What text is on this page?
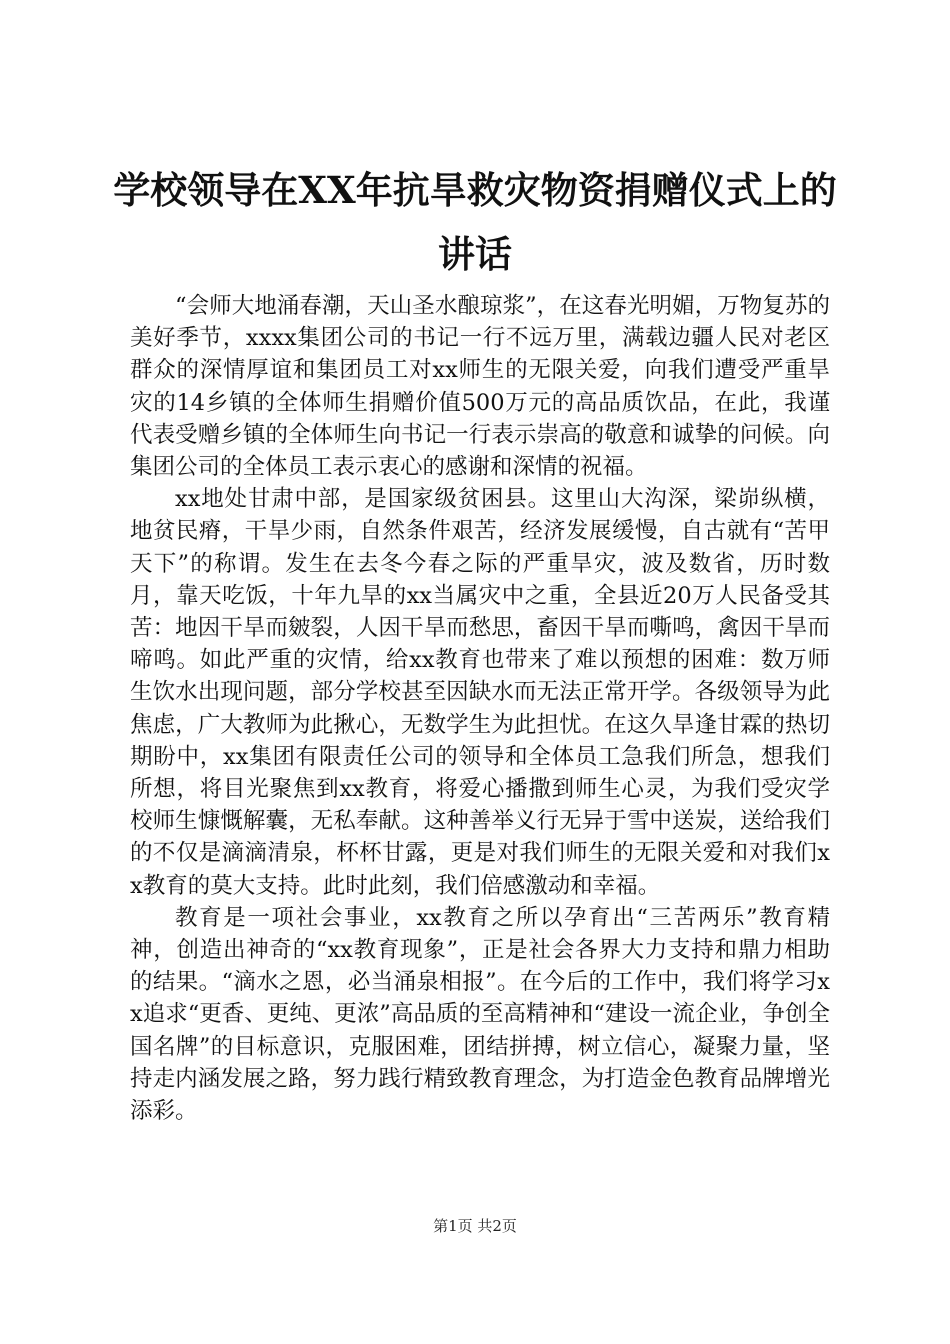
学校领导在XX年抗旱救灾物资捐赠仪式上的
讲话

“会师大地涌春潮，天山圣水酿琼浆”，在这春光明媚，万物复苏的美好季节，xxxx集团公司的书记一行不远万里，满载边疆人民对老区群众的深情厚谊和集团员工对xx师生的无限关爱，向我们遭受严重旱灾的14乡镇的全体师生捐赠价值500万元的高品质饮品，在此，我谨代表受赠乡镇的全体师生向书记一行表示崇高的敬意和诚挚的问候。向集团公司的全体员工表示衷心的感谢和深情的祝福。

xx地处甘肃中部，是国家级贫困县。这里山大沟深，梁峁纵横，地贫民瘠，干旱少雨，自然条件艰苦，经济发展缓慢，自古就有“苦甲天下”的称谓。发生在去冬今春之际的严重旱灾，波及数省，历时数月，靠天吃饭，十年九旱的xx当属灾中之重，全县近20万人民备受其苦：地因干旱而皴裂，人因干旱而愁思，畜因干旱而嘶鸣，禽因干旱而啼鸣。如此严重的灾情，给xx教育也带来了难以预想的困难：数万师生饮水出现问题，部分学校甚至因缺水而无法正常开学。各级领导为此焦虑，广大教师为此揪心，无数学生为此担忧。在这久旱逢甘霖的热切期盼中，xx集团有限责任公司的领导和全体员工急我们所急，想我们所想，将目光聚焦到xx教育，将爱心播撒到师生心灵，为我们受灾学校师生慷慨解囊，无私奉献。这种善举义行无异于雪中送炭，送给我们的不仅是滴滴清泉，杯杯甘露，更是对我们师生的无限关爱和对我们xx教育的莫大支持。此时此刻，我们倍感激动和幸福。

教育是一项社会事业，xx教育之所以孕育出“三苦两乐”教育精神，创造出神奇的“xx教育现象”，正是社会各界大力支持和鼎力相助的结果。“滴水之恩，必当涌泉相报”。在今后的工作中，我们将学习xx追求“更香、更纯、更浓”高品质的至高精神和“建设一流企业，争创全国名牌”的目标意识，克服困难，团结拼搏，树立信心，凝聚力量，坚持走内涵发展之路，努力践行精致教育理念，为打造金色教育品牌增光添彩。

第1页 共2页
